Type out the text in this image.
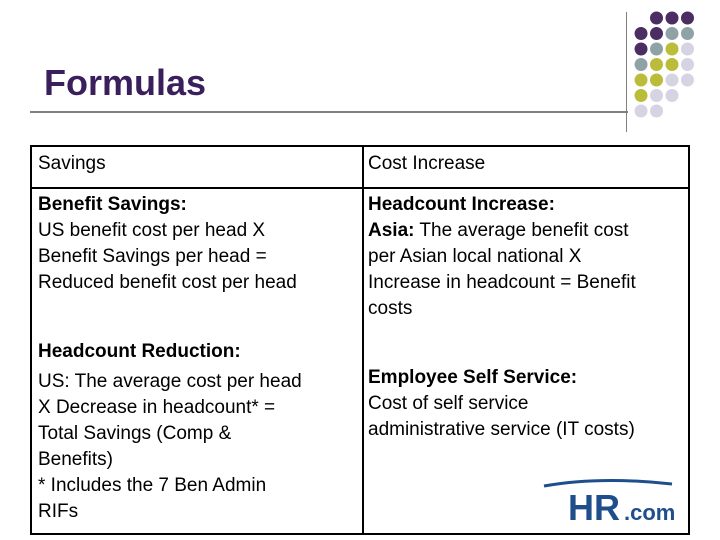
Formulas
Savings	Cost Increase
Benefit Savings:
US benefit cost per head X
Benefit Savings per head =
Reduced benefit cost per head
Headcount Increase:
Asia: The average benefit cost
per Asian local national X
Increase in headcount = Benefit
costs
Headcount Reduction:
US: The average cost per head
X Decrease in headcount* =
Total Savings (Comp &
Benefits)
* Includes the 7 Ben Admin
RIFs
Employee Self Service:
Cost of self service
administrative service (IT costs)
HR .com
